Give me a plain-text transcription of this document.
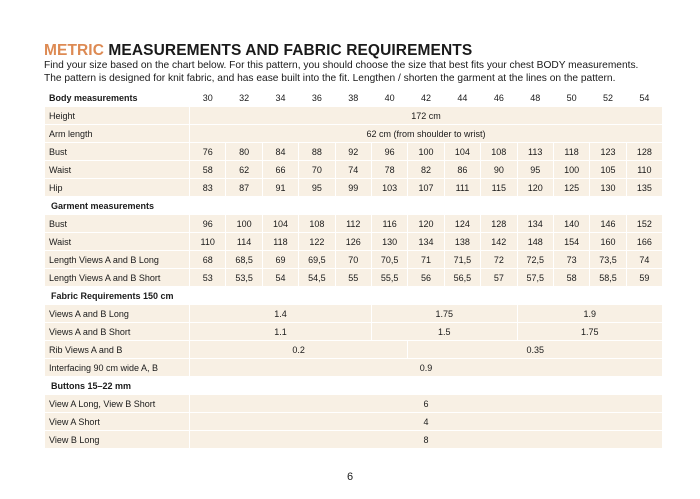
METRIC MEASUREMENTS AND FABRIC REQUIREMENTS
Find your size based on the chart below. For this pattern, you should choose the size that best fits your chest BODY measurements.
The pattern is designed for knit fabric, and has ease built into the fit. Lengthen / shorten the garment at the lines on the pattern.
Body measurements	30	32	34	36	38	40	42	44	46	48	50	52	54
Height	172 cm												
Arm length	62 cm (from shoulder to wrist)												
Bust	76	80	84	88	92	96	100	104	108	113	118	123	128
Waist	58	62	66	70	74	78	82	86	90	95	100	105	110
Hip	83	87	91	95	99	103	107	111	115	120	125	130	135
Garment measurements													
Bust	96	100	104	108	112	116	120	124	128	134	140	146	152
Waist	110	114	118	122	126	130	134	138	142	148	154	160	166
Length Views A and B Long	68	68,5	69	69,5	70	70,5	71	71,5	72	72,5	73	73,5	74
Length Views A and B Short	53	53,5	54	54,5	55	55,5	56	56,5	57	57,5	58	58,5	59
Fabric Requirements 150 cm													
Views A and B Long	1.4					1.75				1.9			
Views A and B Short	1.1					1.5				1.75			
Rib Views A and B	0.2						0.35						
Interfacing 90 cm wide A, B	0.9												
Buttons 15–22 mm													
View A Long, View B Short	6												
View A Short	4												
View B Long	8												
6
